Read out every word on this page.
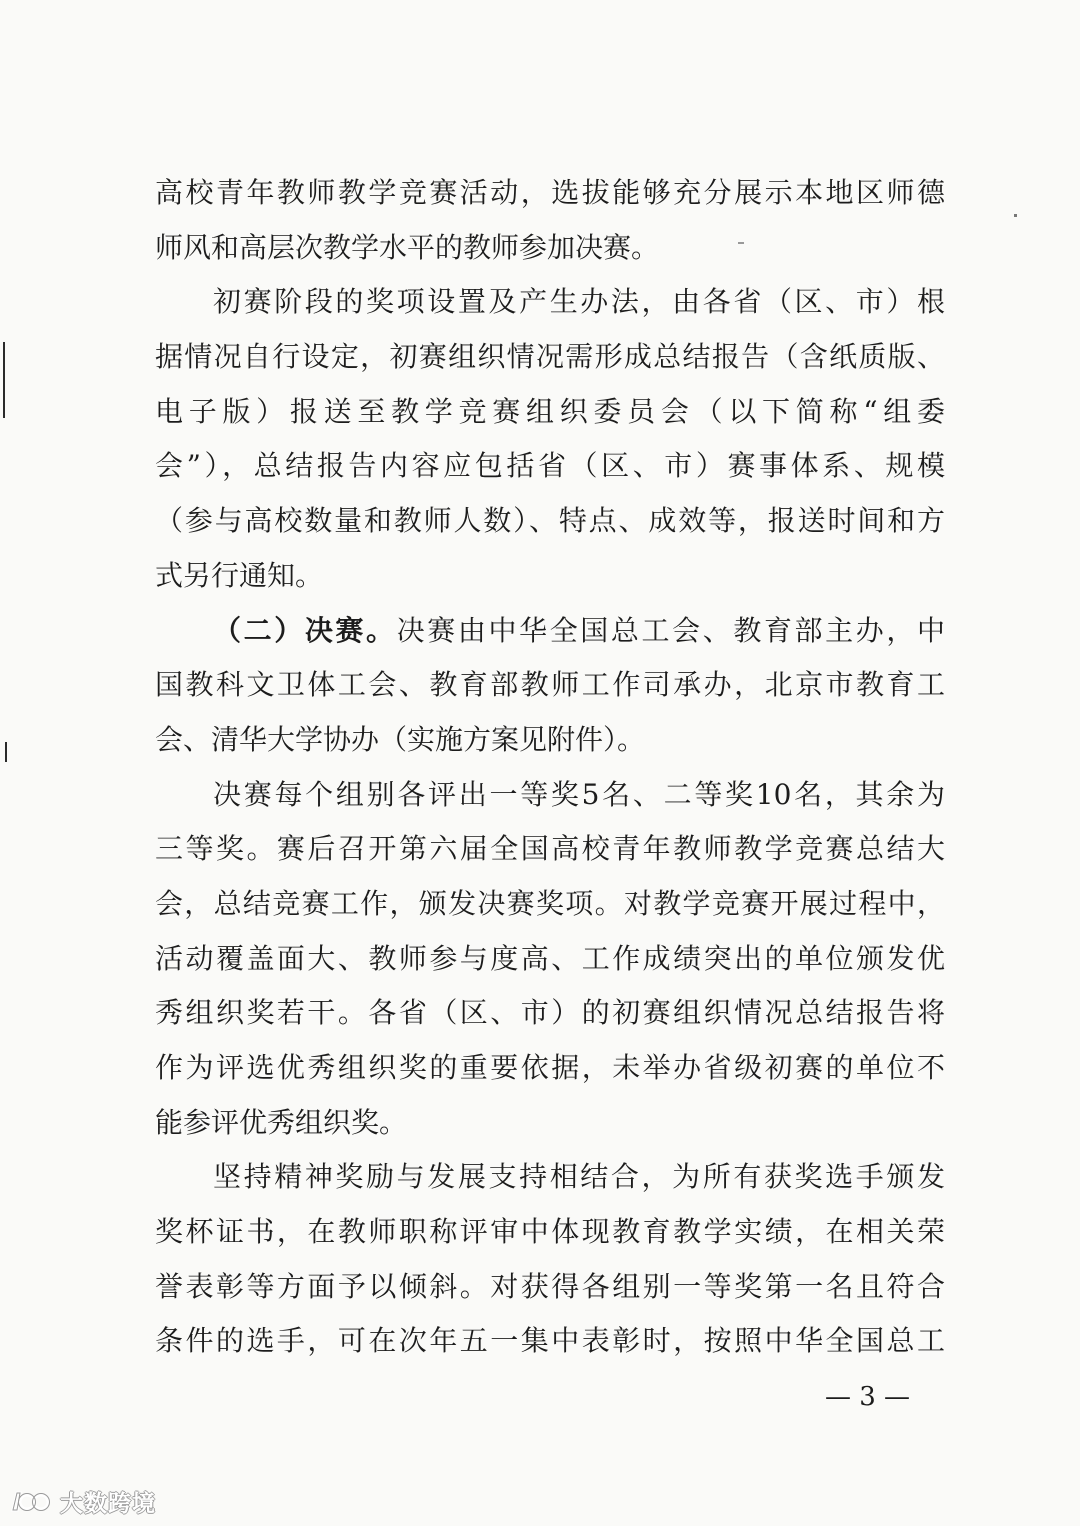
高校青年教师教学竞赛活动，选拔能够充分展示本地区师德
师风和高层次教学水平的教师参加决赛。
初赛阶段的奖项设置及产生办法，由各省（区、市）根
据情况自行设定，初赛组织情况需形成总结报告（含纸质版、
电子版）报送至教学竞赛组织委员会（以下简称“组委
会”），总结报告内容应包括省（区、市）赛事体系、规模
（参与高校数量和教师人数）、特点、成效等，报送时间和方
式另行通知。
（二）决赛。决赛由中华全国总工会、教育部主办，中
国教科文卫体工会、教育部教师工作司承办，北京市教育工
会、清华大学协办（实施方案见附件）。
决赛每个组别各评出一等奖5名、二等奖10名，其余为
三等奖。赛后召开第六届全国高校青年教师教学竞赛总结大
会，总结竞赛工作，颁发决赛奖项。对教学竞赛开展过程中，
活动覆盖面大、教师参与度高、工作成绩突出的单位颁发优
秀组织奖若干。各省（区、市）的初赛组织情况总结报告将
作为评选优秀组织奖的重要依据，未举办省级初赛的单位不
能参评优秀组织奖。
坚持精神奖励与发展支持相结合，为所有获奖选手颁发
奖杯证书，在教师职称评审中体现教育教学实绩，在相关荣
誉表彰等方面予以倾斜。对获得各组别一等奖第一名且符合
条件的选手，可在次年五一集中表彰时，按照中华全国总工
— 3 —
大数跨境
